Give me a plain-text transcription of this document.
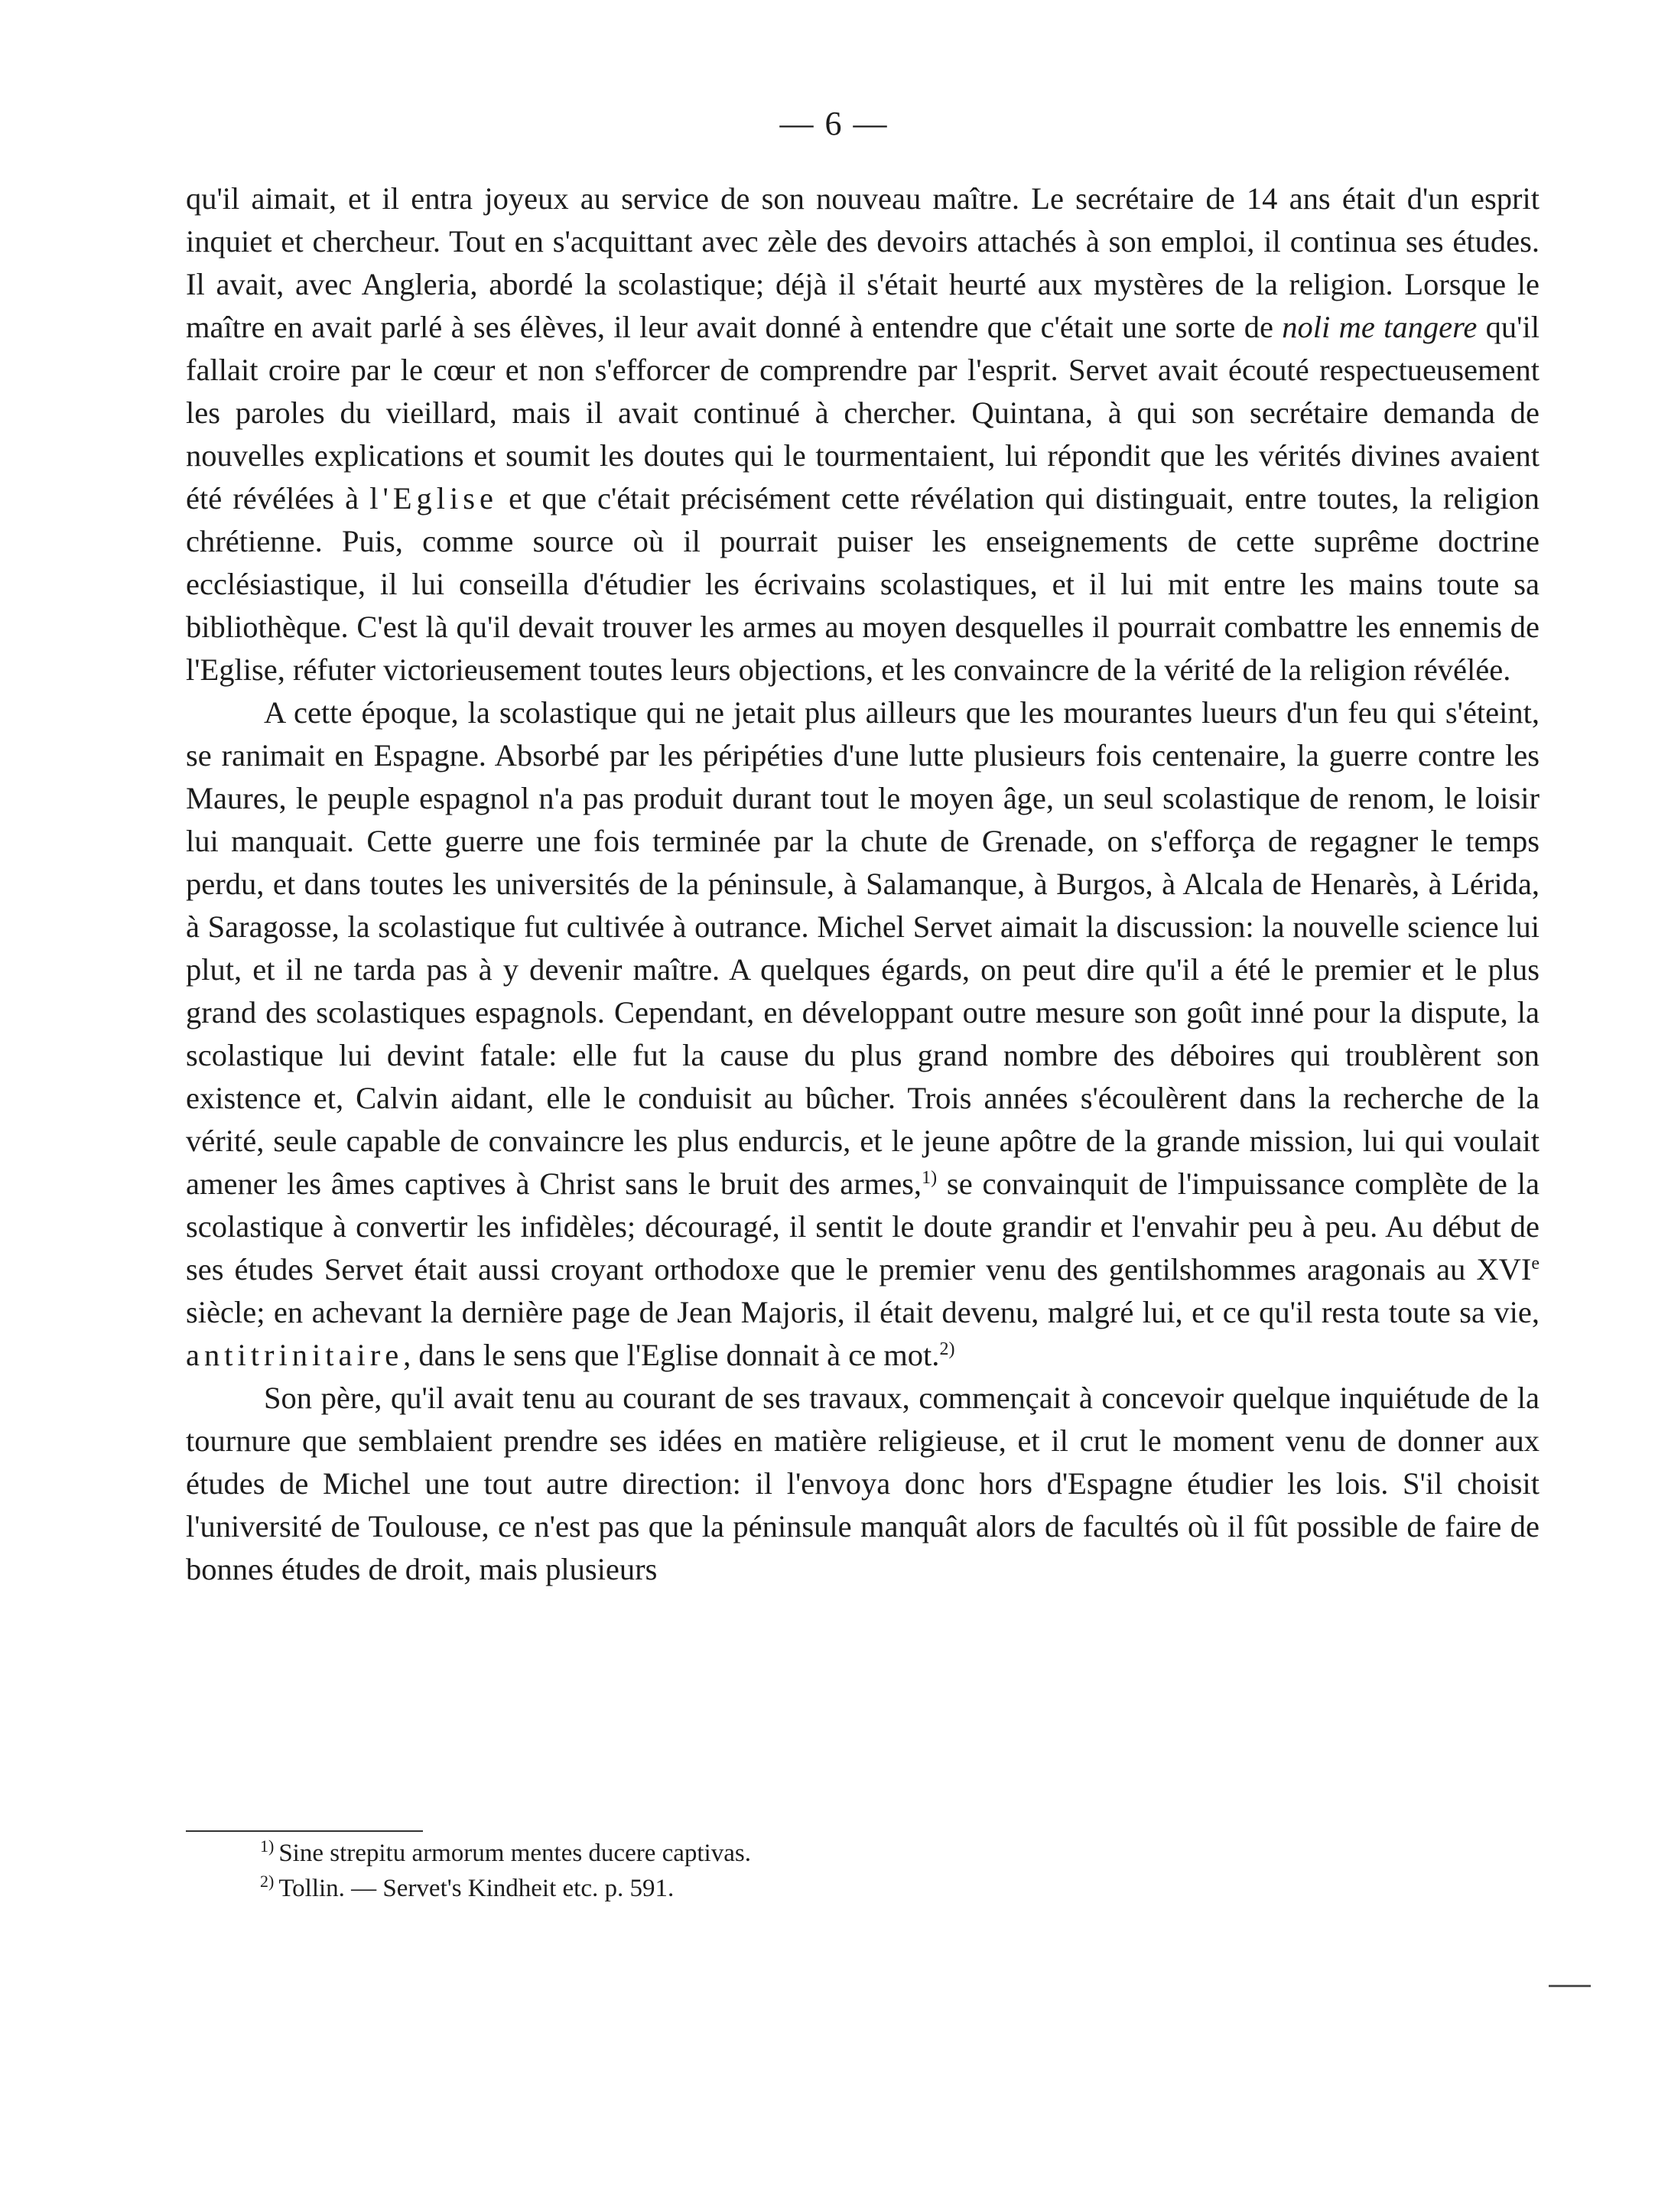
— 6 —

qu'il aimait, et il entra joyeux au service de son nouveau maître. Le secrétaire de 14 ans était d'un esprit inquiet et chercheur. Tout en s'acquittant avec zèle des devoirs attachés à son emploi, il continua ses études. Il avait, avec Angleria, abordé la scolastique; déjà il s'était heurté aux mystères de la religion. Lorsque le maître en avait parlé à ses élèves, il leur avait donné à entendre que c'était une sorte de noli me tangere qu'il fallait croire par le cœur et non s'efforcer de comprendre par l'esprit. Servet avait écouté respectueusement les paroles du vieillard, mais il avait continué à chercher. Quintana, à qui son secrétaire demanda de nouvelles explications et soumit les doutes qui le tourmentaient, lui répondit que les vérités divines avaient été révélées à l'Eglise et que c'était précisément cette révélation qui distinguait, entre toutes, la religion chrétienne. Puis, comme source où il pourrait puiser les enseignements de cette suprême doctrine ecclésiastique, il lui conseilla d'étudier les écrivains scolastiques, et il lui mit entre les mains toute sa bibliothèque. C'est là qu'il devait trouver les armes au moyen desquelles il pourrait combattre les ennemis de l'Eglise, réfuter victorieusement toutes leurs objections, et les convaincre de la vérité de la religion révélée.

A cette époque, la scolastique qui ne jetait plus ailleurs que les mourantes lueurs d'un feu qui s'éteint, se ranimait en Espagne. Absorbé par les péripéties d'une lutte plusieurs fois centenaire, la guerre contre les Maures, le peuple espagnol n'a pas produit durant tout le moyen âge, un seul scolastique de renom, le loisir lui manquait. Cette guerre une fois terminée par la chute de Grenade, on s'efforça de regagner le temps perdu, et dans toutes les universités de la péninsule, à Salamanque, à Burgos, à Alcala de Henarès, à Lérida, à Saragosse, la scolastique fut cultivée à outrance. Michel Servet aimait la discussion: la nouvelle science lui plut, et il ne tarda pas à y devenir maître. A quelques égards, on peut dire qu'il a été le premier et le plus grand des scolastiques espagnols. Cependant, en développant outre mesure son goût inné pour la dispute, la scolastique lui devint fatale: elle fut la cause du plus grand nombre des déboires qui troublèrent son existence et, Calvin aidant, elle le conduisit au bûcher. Trois années s'écoulèrent dans la recherche de la vérité, seule capable de convaincre les plus endurcis, et le jeune apôtre de la grande mission, lui qui voulait amener les âmes captives à Christ sans le bruit des armes,$^{1)}$ se convainquit de l'impuissance complète de la scolastique à convertir les infidèles; découragé, il sentit le doute grandir et l'envahir peu à peu. Au début de ses études Servet était aussi croyant orthodoxe que le premier venu des gentilshommes aragonais au XVIe siècle; en achevant la dernière page de Jean Majoris, il était devenu, malgré lui, et ce qu'il resta toute sa vie, antitrinitaire, dans le sens que l'Eglise donnait à ce mot.$^{2)}$

Son père, qu'il avait tenu au courant de ses travaux, commençait à concevoir quelque inquiétude de la tournure que semblaient prendre ses idées en matière religieuse, et il crut le moment venu de donner aux études de Michel une tout autre direction: il l'envoya donc hors d'Espagne étudier les lois. S'il choisit l'université de Toulouse, ce n'est pas que la péninsule manquât alors de facultés où il fût possible de faire de bonnes études de droit, mais plusieurs

$^{1)}$ Sine strepitu armorum mentes ducere captivas.

$^{2)}$ Tollin. — Servet's Kindheit etc. p. 591.
